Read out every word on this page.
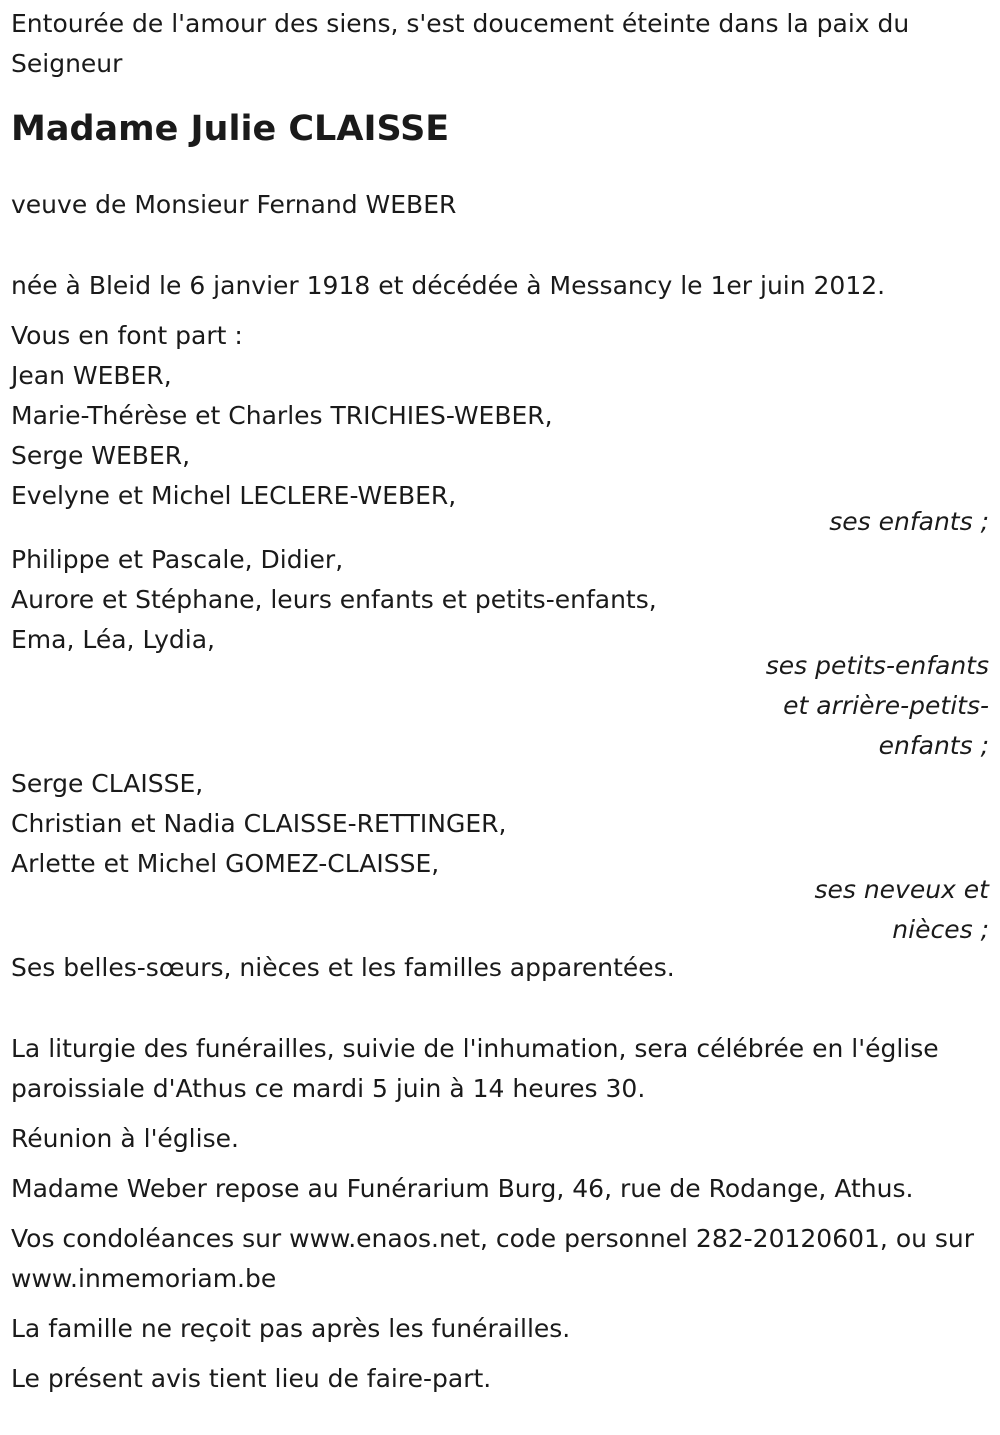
Entourée de l'amour des siens, s'est doucement éteinte dans la paix du Seigneur

Madame Julie CLAISSE

veuve de Monsieur Fernand WEBER

née à Bleid le 6 janvier 1918 et décédée à Messancy le 1er juin 2012.

Vous en font part :

Jean WEBER,

Marie-Thérèse et Charles TRICHIES-WEBER,

Serge WEBER,

Evelyne et Michel LECLERE-WEBER,

ses enfants ;

Philippe et Pascale, Didier,

Aurore et Stéphane, leurs enfants et petits-enfants,

Ema, Léa, Lydia,

ses petits-enfants

et arrière-petits-

enfants ;

Serge CLAISSE,

Christian et Nadia CLAISSE-RETTINGER,

Arlette et Michel GOMEZ-CLAISSE,

ses neveux et

nièces ;

Ses belles-sœurs, nièces et les familles apparentées.

La liturgie des funérailles, suivie de l'inhumation, sera célébrée en l'église paroissiale d'Athus ce mardi 5 juin à 14 heures 30.

Réunion à l'église.

Madame Weber repose au Funérarium Burg, 46, rue de Rodange, Athus.

Vos condoléances sur www.enaos.net, code personnel 282-20120601, ou sur www.inmemoriam.be

La famille ne reçoit pas après les funérailles.

Le présent avis tient lieu de faire-part.
